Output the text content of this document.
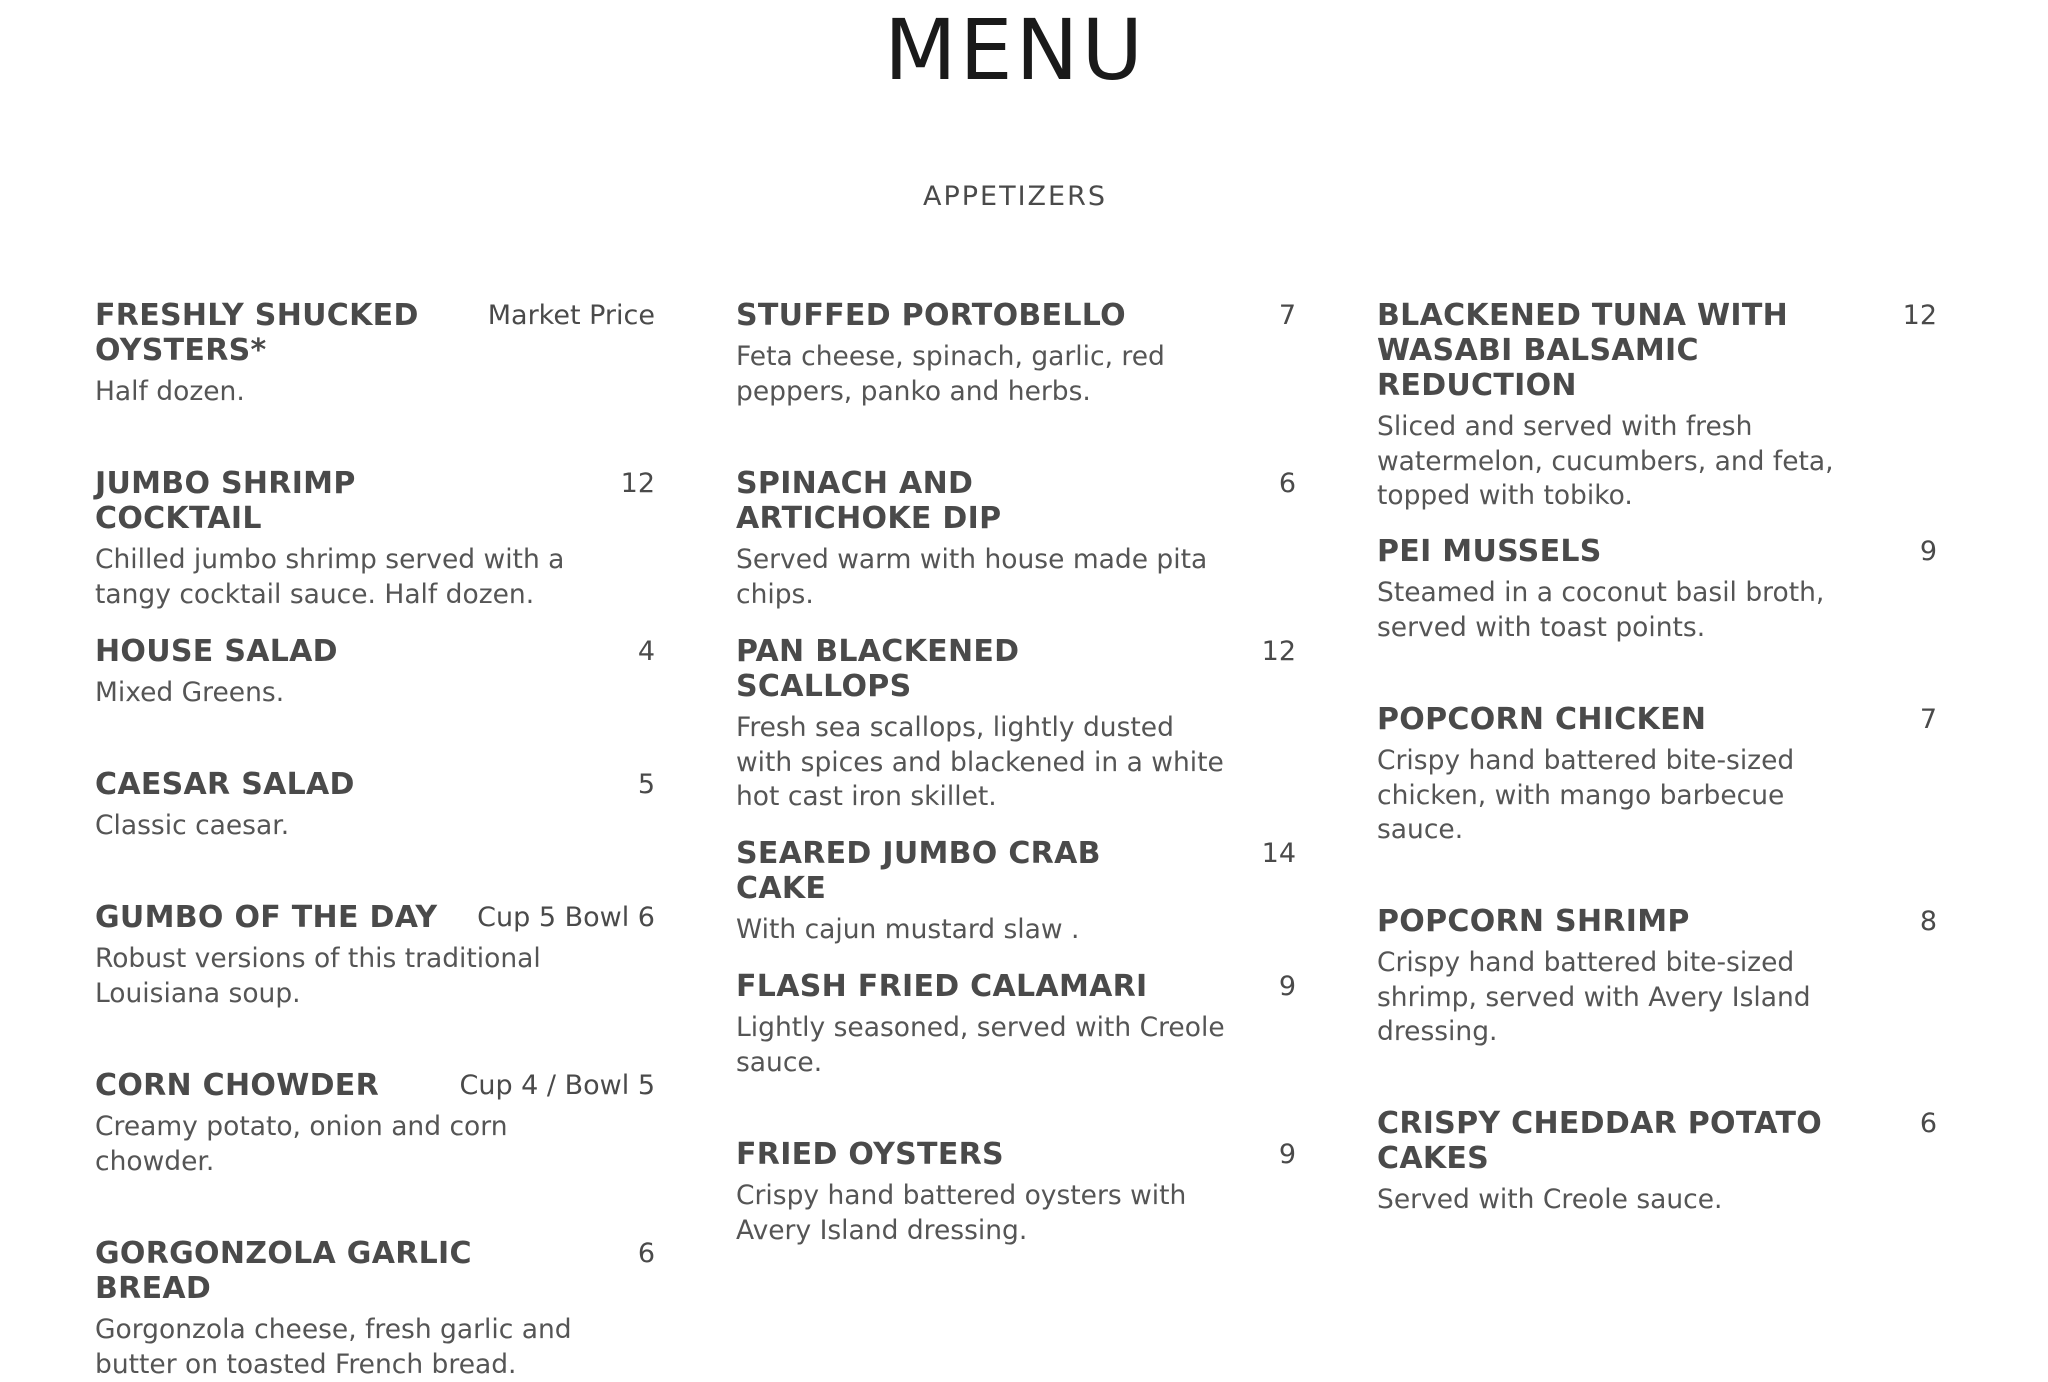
MENU
APPETIZERS
FRESHLY SHUCKED OYSTERS*
Market Price
Half dozen.
JUMBO SHRIMP COCKTAIL
12
Chilled jumbo shrimp served with a tangy cocktail sauce. Half dozen.
HOUSE SALAD	4
Mixed Greens.
CAESAR SALAD	5
Classic caesar.
GUMBO OF THE DAY	Cup 5 Bowl 6
Robust versions of this traditional Louisiana soup.
CORN CHOWDER	Cup 4 / Bowl 5
Creamy potato, onion and corn chowder.
GORGONZOLA GARLIC BREAD
6
Gorgonzola cheese, fresh garlic and butter on toasted French bread.
STUFFED PORTOBELLO	7
Feta cheese, spinach, garlic, red peppers, panko and herbs.
SPINACH AND ARTICHOKE DIP
6
Served warm with house made pita chips.
PAN BLACKENED SCALLOPS
12
Fresh sea scallops, lightly dusted with spices and blackened in a white hot cast iron skillet.
SEARED JUMBO CRAB CAKE
14
With cajun mustard slaw .
FLASH FRIED CALAMARI	9
Lightly seasoned, served with Creole sauce.
FRIED OYSTERS	9
Crispy hand battered oysters with Avery Island dressing.
BLACKENED TUNA WITH WASABI BALSAMIC REDUCTION
12
Sliced and served with fresh watermelon, cucumbers, and feta, topped with tobiko.
PEI MUSSELS	9
Steamed in a coconut basil broth, served with toast points.
POPCORN CHICKEN	7
Crispy hand battered bite-sized chicken, with mango barbecue sauce.
POPCORN SHRIMP	8
Crispy hand battered bite-sized shrimp, served with Avery Island dressing.
CRISPY CHEDDAR POTATO CAKES
6
Served with Creole sauce.
